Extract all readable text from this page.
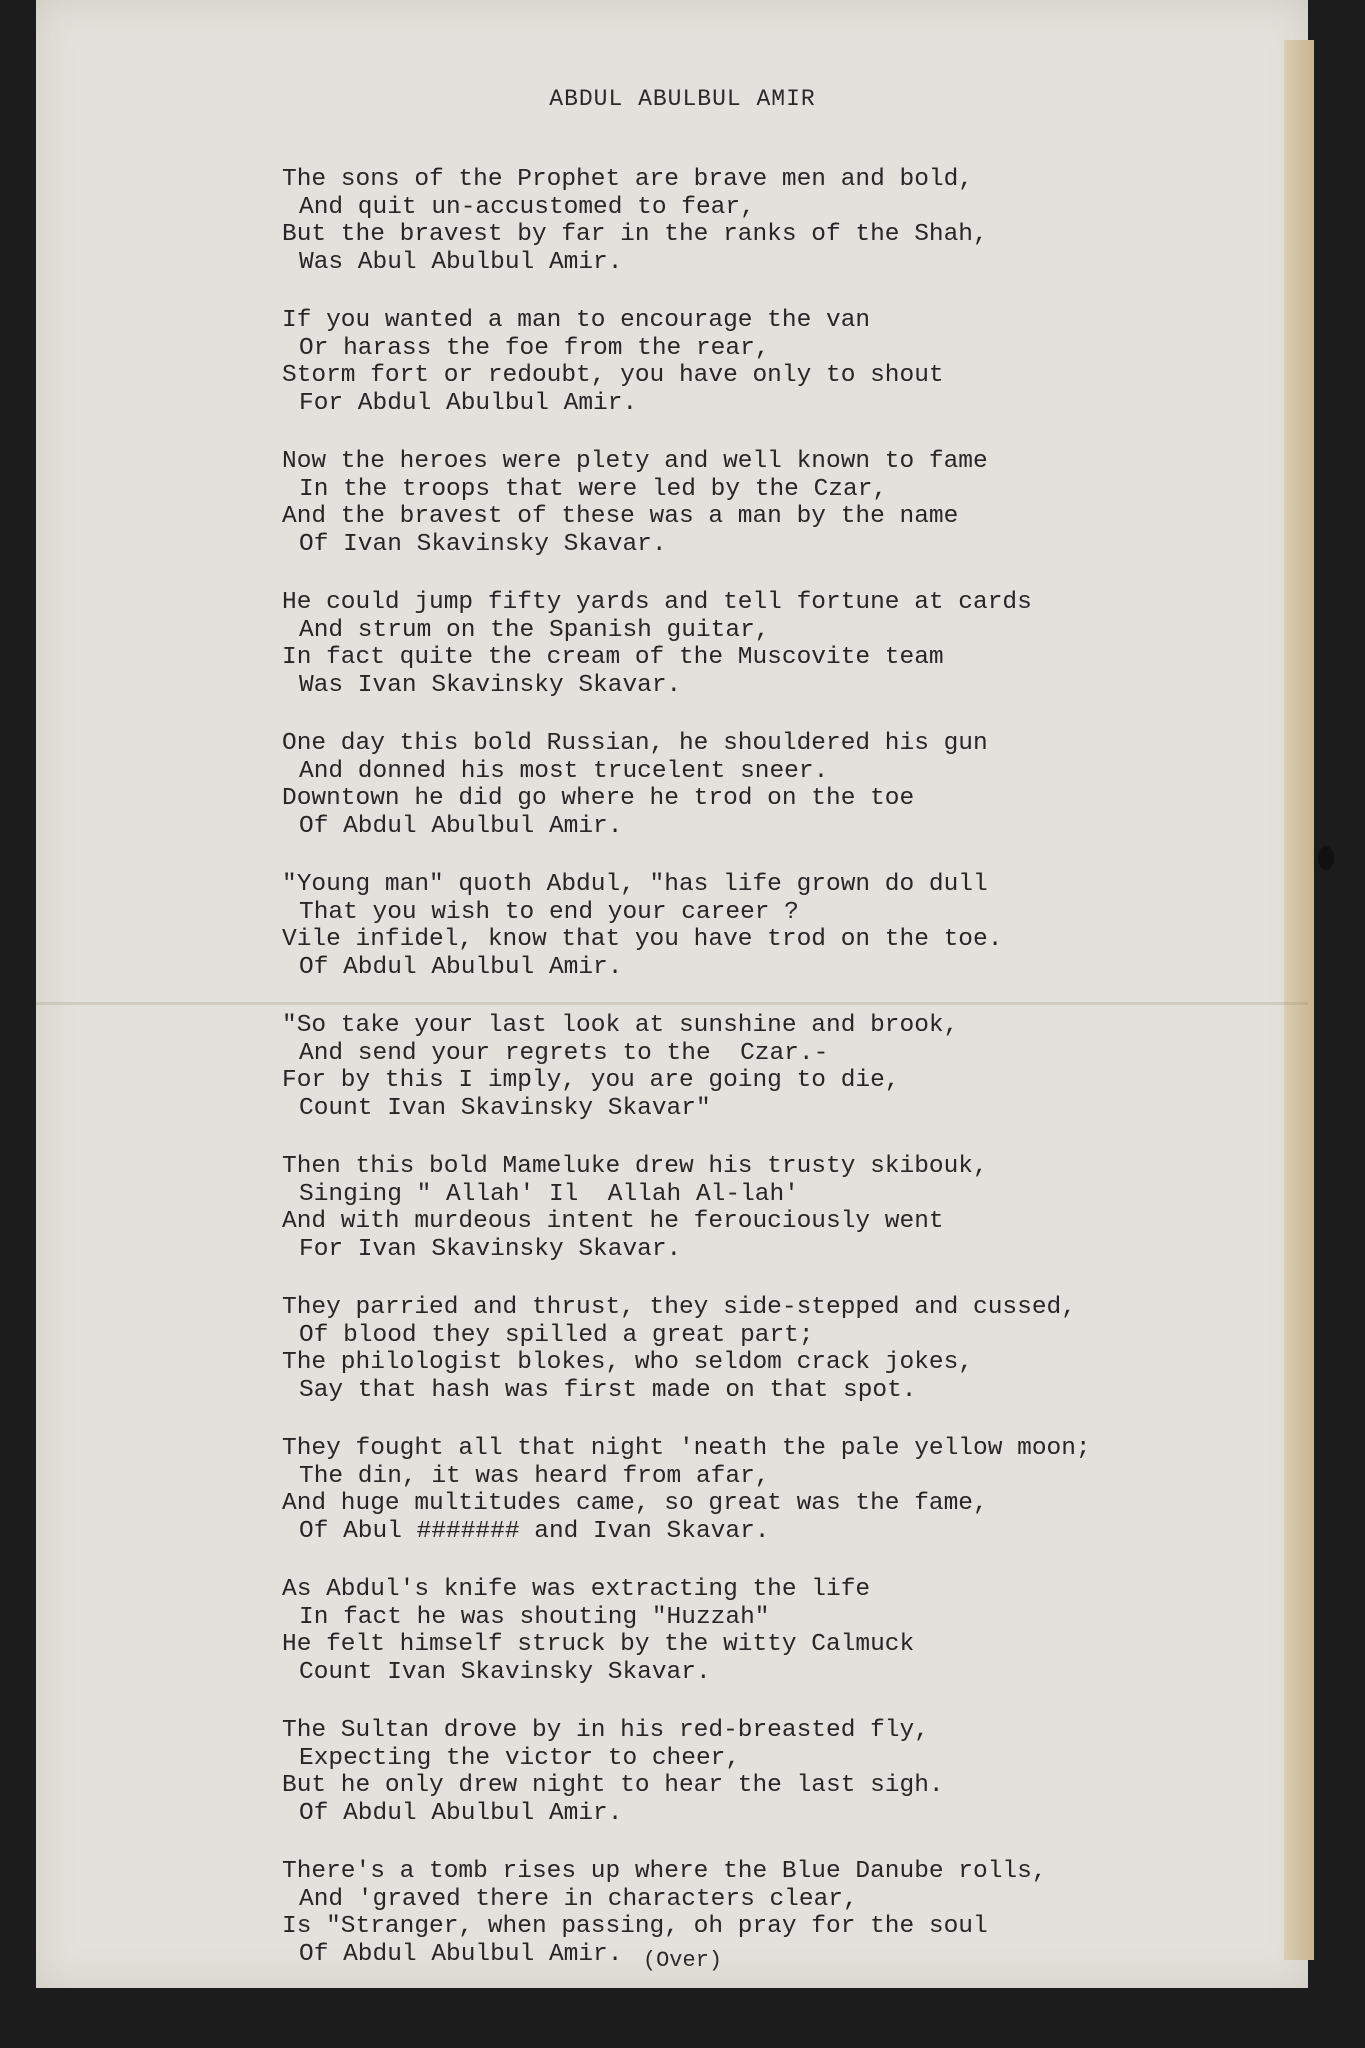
ABDUL ABULBUL AMIR
The sons of the Prophet are brave men and bold,
And quit un-accustomed to fear,
But the bravest by far in the ranks of the Shah,
Was Abul Abulbul Amir.
If you wanted a man to encourage the van
Or harass the foe from the rear,
Storm fort or redoubt, you have only to shout
For Abdul Abulbul Amir.
Now the heroes were plety and well known to fame
In the troops that were led by the Czar,
And the bravest of these was a man by the name
Of Ivan Skavinsky Skavar.
He could jump fifty yards and tell fortune at cards
And strum on the Spanish guitar,
In fact quite the cream of the Muscovite team
Was Ivan Skavinsky Skavar.
One day this bold Russian, he shouldered his gun
And donned his most trucelent sneer.
Downtown he did go where he trod on the toe
Of Abdul Abulbul Amir.
"Young man" quoth Abdul, "has life grown do dull
That you wish to end your career ?
Vile infidel, know that you have trod on the toe.
Of Abdul Abulbul Amir.
"So take your last look at sunshine and brook,
And send your regrets to the  Czar.-
For by this I imply, you are going to die,
Count Ivan Skavinsky Skavar"
Then this bold Mameluke drew his trusty skibouk,
Singing " Allah' Il  Allah Al-lah'
And with murdeous intent he ferouciously went
For Ivan Skavinsky Skavar.
They parried and thrust, they side-stepped and cussed,
Of blood they spilled a great part;
The philologist blokes, who seldom crack jokes,
Say that hash was first made on that spot.
They fought all that night 'neath the pale yellow moon;
The din, it was heard from afar,
And huge multitudes came, so great was the fame,
Of Abul ####### and Ivan Skavar.
As Abdul's knife was extracting the life
In fact he was shouting "Huzzah"
He felt himself struck by the witty Calmuck
Count Ivan Skavinsky Skavar.
The Sultan drove by in his red-breasted fly,
Expecting the victor to cheer,
But he only drew night to hear the last sigh.
Of Abdul Abulbul Amir.
There's a tomb rises up where the Blue Danube rolls,
And 'graved there in characters clear,
Is "Stranger, when passing, oh pray for the soul
Of Abdul Abulbul Amir. (Over)
